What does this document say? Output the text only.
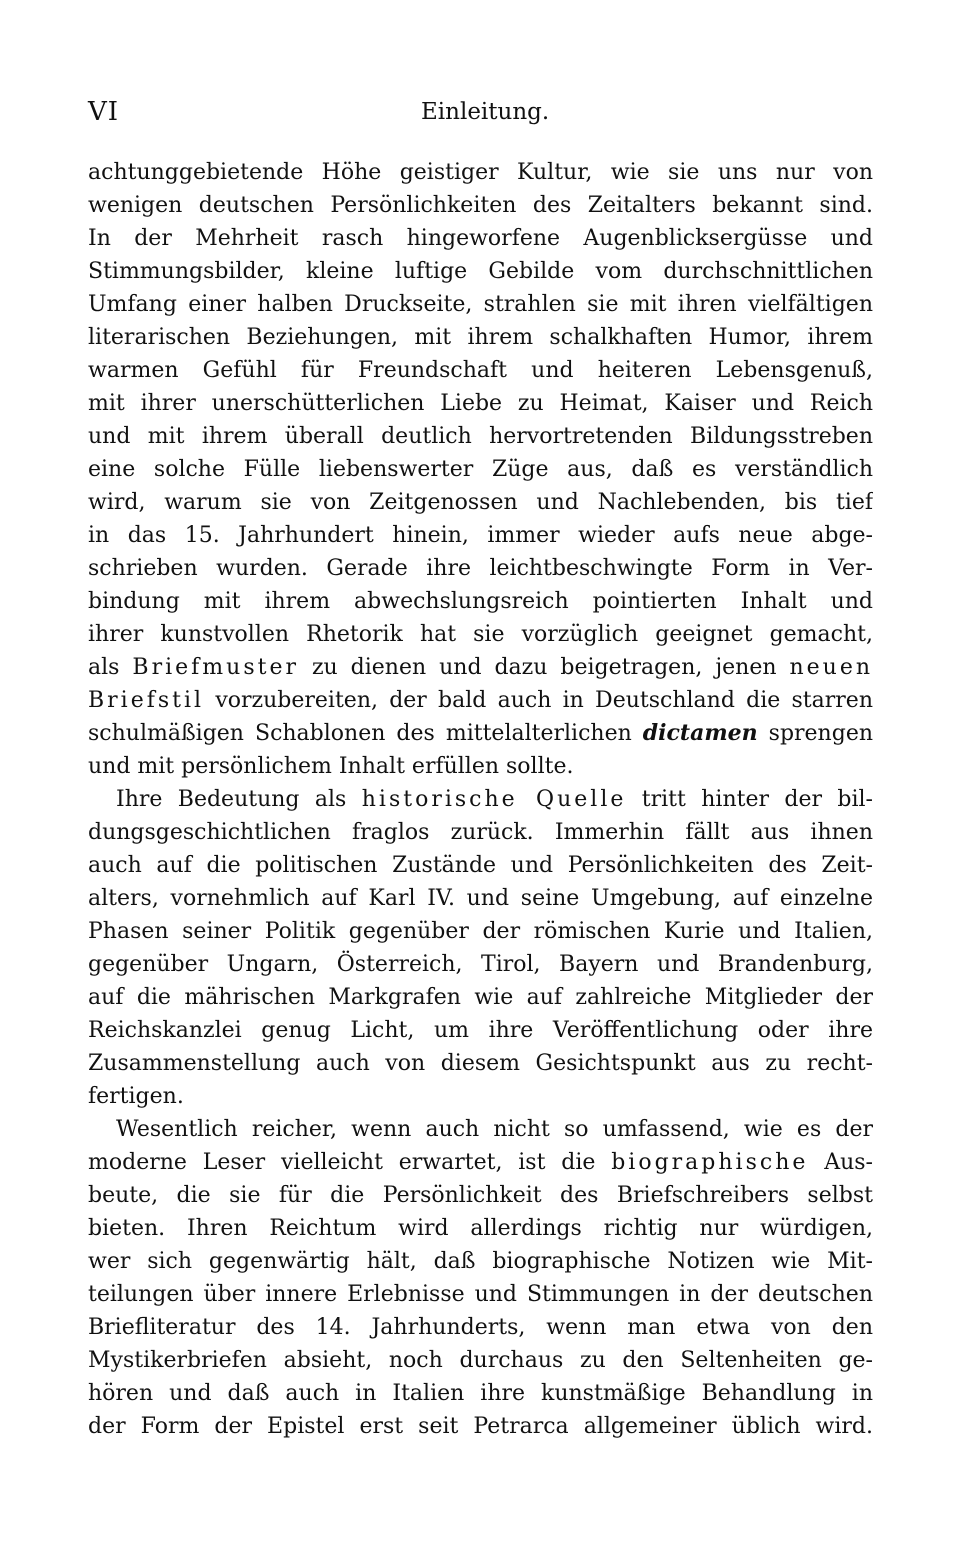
VI	Einleitung.
achtunggebietende Höhe geistiger Kultur, wie sie uns nur von
wenigen deutschen Persönlichkeiten des Zeitalters bekannt sind.
In der Mehrheit rasch hingeworfene Augenblicksergüsse und
Stimmungsbilder, kleine luftige Gebilde vom durchschnittlichen
Umfang einer halben Druckseite, strahlen sie mit ihren vielfältigen
literarischen Beziehungen, mit ihrem schalkhaften Humor, ihrem
warmen Gefühl für Freundschaft und heiteren Lebensgenuß,
mit ihrer unerschütterlichen Liebe zu Heimat, Kaiser und Reich
und mit ihrem überall deutlich hervortretenden Bildungsstreben
eine solche Fülle liebenswerter Züge aus, daß es verständlich
wird, warum sie von Zeitgenossen und Nachlebenden, bis tief
in das 15. Jahrhundert hinein, immer wieder aufs neue abge-
schrieben wurden. Gerade ihre leichtbeschwingte Form in Ver-
bindung mit ihrem abwechslungsreich pointierten Inhalt und
ihrer kunstvollen Rhetorik hat sie vorzüglich geeignet gemacht,
als Briefmuster zu dienen und dazu beigetragen, jenen neuen
Briefstil vorzubereiten, der bald auch in Deutschland die starren
schulmäßigen Schablonen des mittelalterlichen dictamen sprengen
und mit persönlichem Inhalt erfüllen sollte.
Ihre Bedeutung als historische Quelle tritt hinter der bil-
dungsgeschichtlichen fraglos zurück. Immerhin fällt aus ihnen
auch auf die politischen Zustände und Persönlichkeiten des Zeit-
alters, vornehmlich auf Karl IV. und seine Umgebung, auf einzelne
Phasen seiner Politik gegenüber der römischen Kurie und Italien,
gegenüber Ungarn, Österreich, Tirol, Bayern und Brandenburg,
auf die mährischen Markgrafen wie auf zahlreiche Mitglieder der
Reichskanzlei genug Licht, um ihre Veröffentlichung oder ihre
Zusammenstellung auch von diesem Gesichtspunkt aus zu recht-
fertigen.
Wesentlich reicher, wenn auch nicht so umfassend, wie es der
moderne Leser vielleicht erwartet, ist die biographische Aus-
beute, die sie für die Persönlichkeit des Briefschreibers selbst
bieten. Ihren Reichtum wird allerdings richtig nur würdigen,
wer sich gegenwärtig hält, daß biographische Notizen wie Mit-
teilungen über innere Erlebnisse und Stimmungen in der deutschen
Briefliteratur des 14. Jahrhunderts, wenn man etwa von den
Mystikerbriefen absieht, noch durchaus zu den Seltenheiten ge-
hören und daß auch in Italien ihre kunstmäßige Behandlung in
der Form der Epistel erst seit Petrarca allgemeiner üblich wird.
